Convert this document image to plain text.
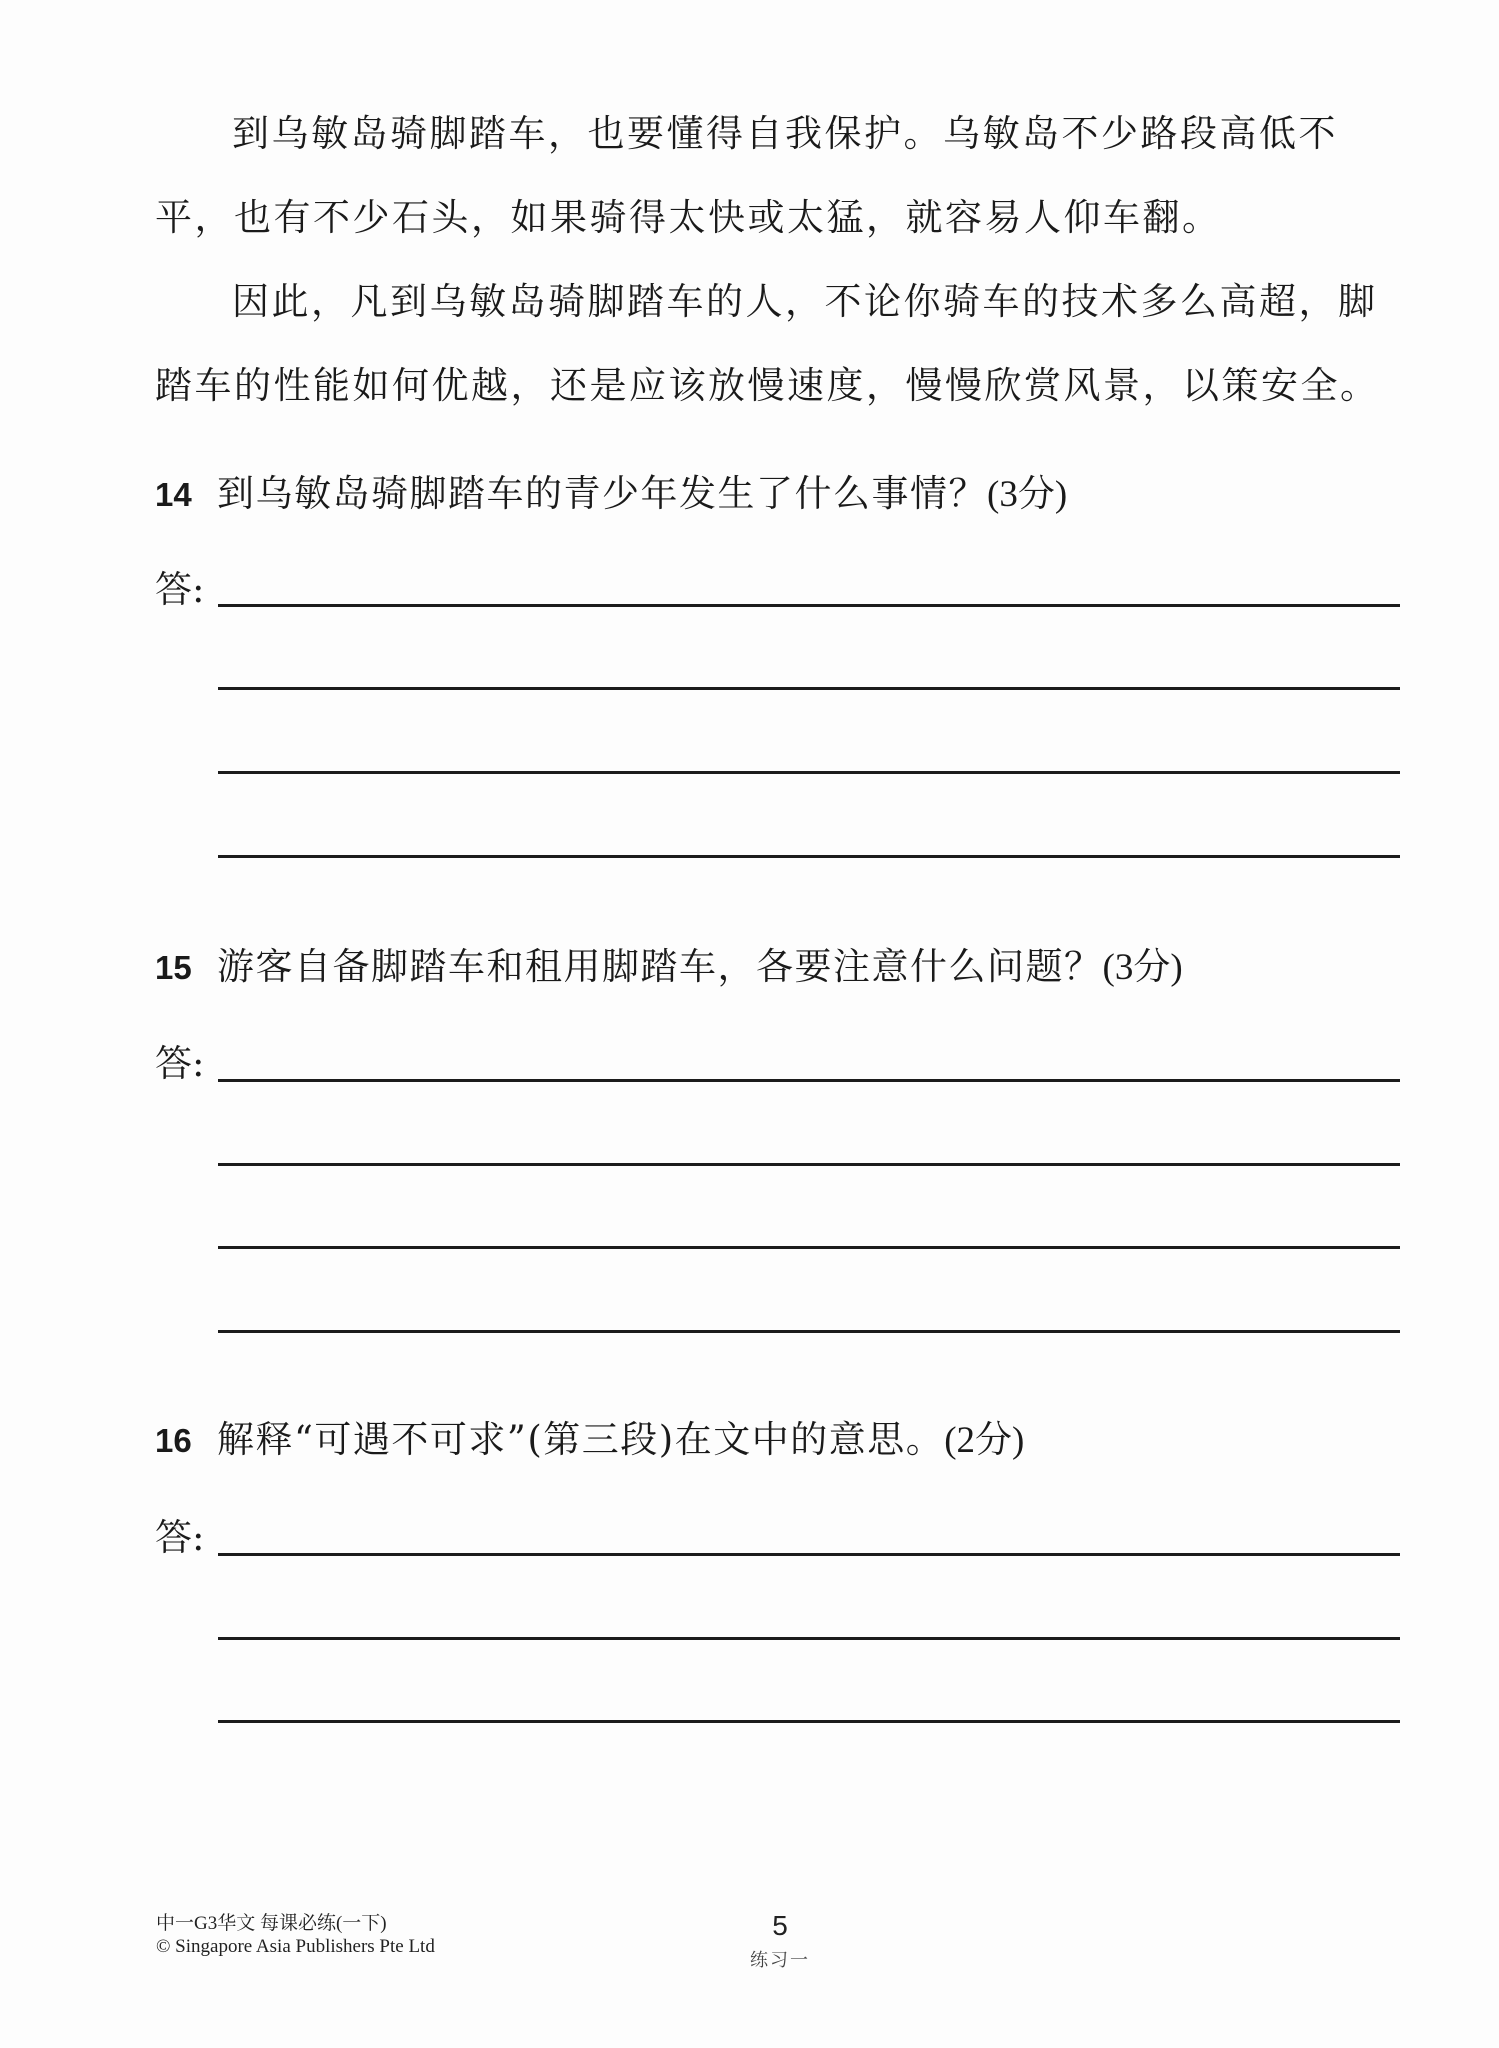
到乌敏岛骑脚踏车，也要懂得自我保护。乌敏岛不少路段高低不平，也有不少石头，如果骑得太快或太猛，就容易人仰车翻。

因此，凡到乌敏岛骑脚踏车的人，不论你骑车的技术多么高超，脚踏车的性能如何优越，还是应该放慢速度，慢慢欣赏风景，以策安全。

14 到乌敏岛骑脚踏车的青少年发生了什么事情？(3分)
答:
15 游客自备脚踏车和租用脚踏车，各要注意什么问题？(3分)
答:
16 解释“可遇不可求”(第三段)在文中的意思。(2分)
答:
中一G3华文 每课必练(一下)
© Singapore Asia Publishers Pte Ltd
5
练习一
